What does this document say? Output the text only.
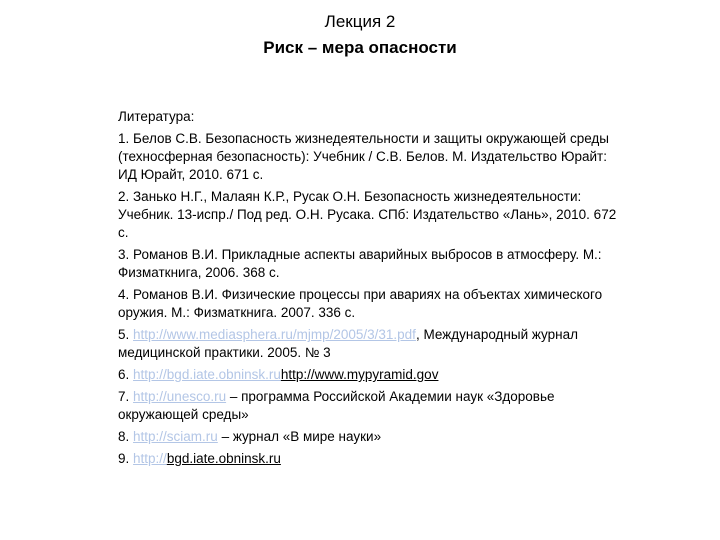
Лекция 2
Риск – мера опасности

Литература:

1. Белов С.В. Безопасность жизнедеятельности и защиты окружающей среды (техносферная безопасность): Учебник / С.В. Белов. М. Издательство Юрайт: ИД Юрайт, 2010. 671 с.

2. Занько Н.Г., Малаян К.Р., Русак О.Н. Безопасность жизнедеятельности: Учебник. 13-испр./ Под ред. О.Н. Русака. СПб: Издательство «Лань», 2010. 672 с.

3. Романов В.И. Прикладные аспекты аварийных выбросов в атмосферу. М.: Физматкнига, 2006. 368 с.

4. Романов В.И. Физические процессы при авариях на объектах химического оружия. М.: Физматкнига. 2007. 336 с.

5. http://www.mediasphera.ru/mjmp/2005/3/31.pdf, Международный журнал медицинской практики. 2005. № 3

6. http://bgd.iate.obninsk.ruhttp://www.mypyramid.gov

7. http://unesco.ru – программа Российской Академии наук «Здоровье окружающей среды»

8. http://sciam.ru – журнал «В мире науки»

9. http://bgd.iate.obninsk.ru
